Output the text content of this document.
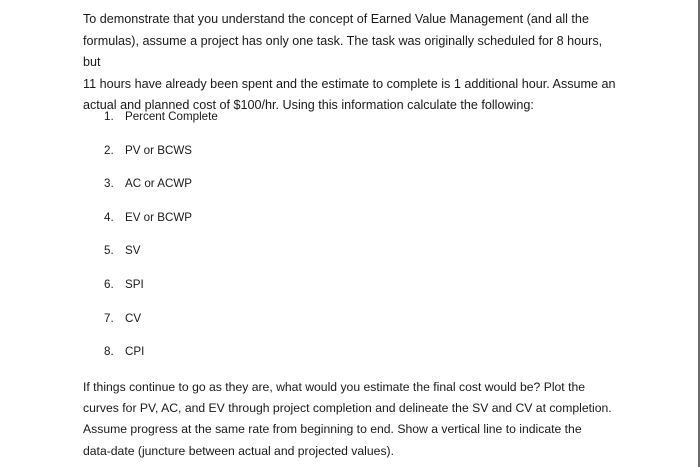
To demonstrate that you understand the concept of Earned Value Management (and all the
formulas), assume a project has only one task. The task was originally scheduled for 8 hours, but
11 hours have already been spent and the estimate to complete is 1 additional hour. Assume an
actual and planned cost of $100/hr. Using this information calculate the following:

1. Percent Complete
2. PV or BCWS
3. AC or ACWP
4. EV or BCWP
5. SV
6. SPI
7. CV
8. CPI

If things continue to go as they are, what would you estimate the final cost would be? Plot the
curves for PV, AC, and EV through project completion and delineate the SV and CV at completion.
Assume progress at the same rate from beginning to end. Show a vertical line to indicate the
data-date (juncture between actual and projected values).
